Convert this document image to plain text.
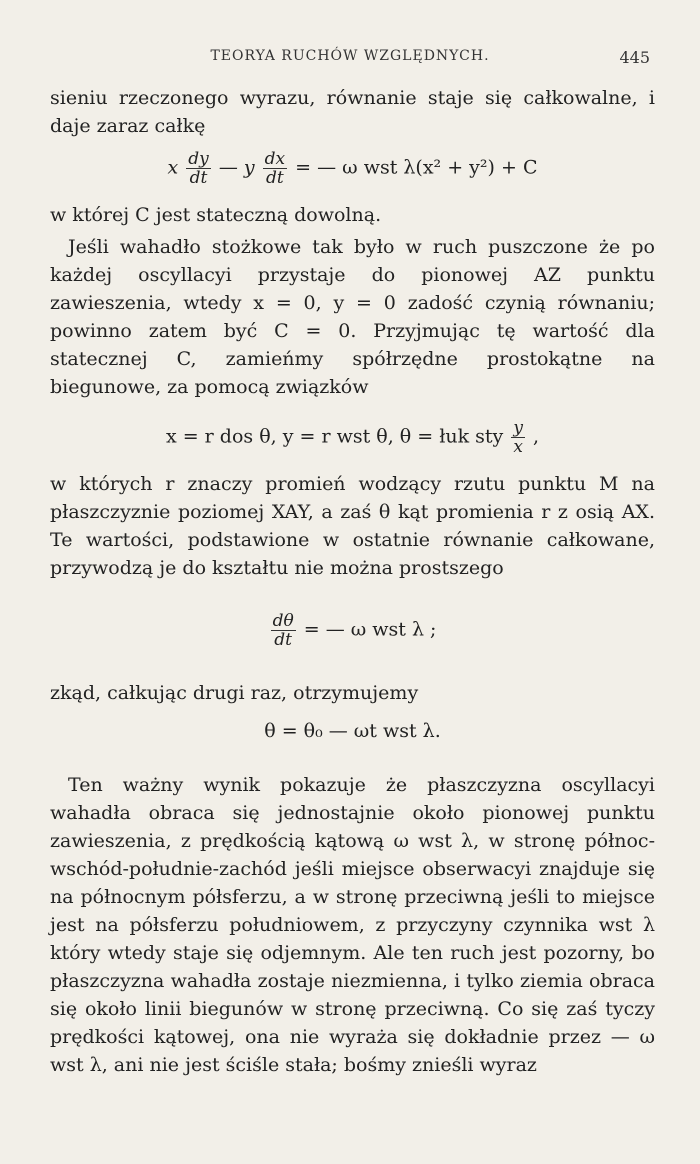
TEORYA RUCHÓW WZGLĘDNYCH.	445

sieniu rzeczonego wyrazu, równanie staje się całkowalne, i daje zaraz całkę

x $\frac{dy}{dt}$ — y $\frac{dx}{dt}$ = — ω wst λ(x² + y²) + C

w której C jest stateczną dowolną.

Jeśli wahadło stożkowe tak było w ruch puszczone że po każdej oscyllacyi przystaje do pionowej AZ punktu zawieszenia, wtedy x = 0, y = 0 zadość czynią równaniu; powinno zatem być C = 0. Przyjmując tę wartość dla statecznej C, zamieńmy spółrzędne prostokątne na biegunowe, za pomocą związków

x = r dos θ, y = r wst θ, θ = łuk sty $\frac{y}{x}$ ,

w których r znaczy promień wodzący rzutu punktu M na płaszczyznie poziomej XAY, a zaś θ kąt promienia r z osią AX. Te wartości, podstawione w ostatnie równanie całkowane, przywodzą je do kształtu nie można prostszego

$\frac{d\theta}{dt}$ = — ω wst λ ;

zkąd, całkując drugi raz, otrzymujemy

θ = θ₀ — ωt wst λ.

Ten ważny wynik pokazuje że płaszczyzna oscyllacyi wahadła obraca się jednostajnie około pionowej punktu zawieszenia, z prędkością kątową ω wst λ, w stronę północ-wschód-południe-zachód jeśli miejsce obserwacyi znajduje się na północnym półsferzu, a w stronę przeciwną jeśli to miejsce jest na półsferzu południowem, z przyczyny czynnika wst λ który wtedy staje się odjemnym. Ale ten ruch jest pozorny, bo płaszczyzna wahadła zostaje niezmienna, i tylko ziemia obraca się około linii biegunów w stronę przeciwną. Co się zaś tyczy prędkości kątowej, ona nie wyraża się dokładnie przez — ω wst λ, ani nie jest ściśle stała; bośmy znieśli wyraz
